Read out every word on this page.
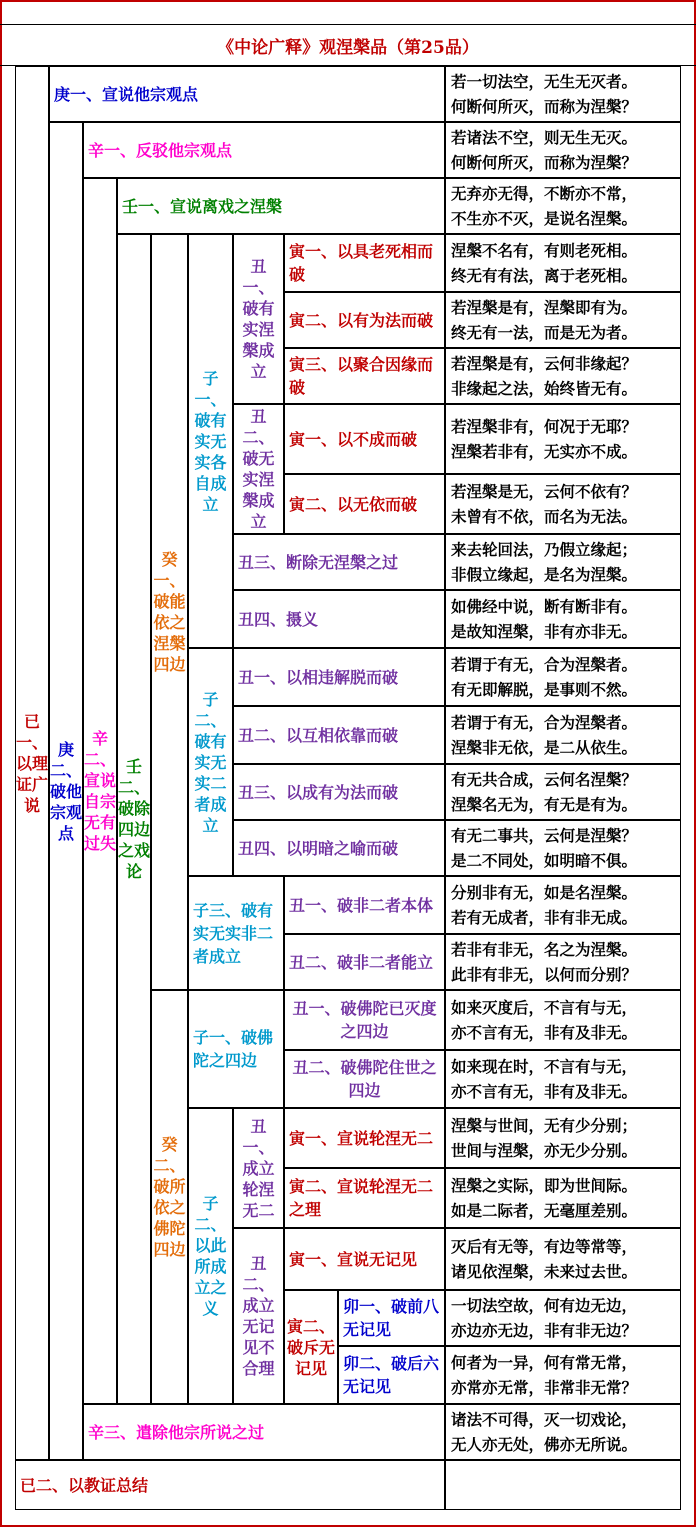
《中论广释》观涅槃品（第25品）
已一、以理证广说
已二、以教证总结
庚一、宣说他宗观点
庚二、破他宗观点
辛一、反驳他宗观点
辛二、宣说自宗无有过失
辛三、遣除他宗所说之过
壬一、宣说离戏之涅槃
壬二、破除四边之戏论
癸一、破能依之涅槃四边
癸二、破所依之佛陀四边
子一、破有实无实各自成立
子二、破有实无实二者成立
子三、破有实无实非二者成立
子一、破佛陀之四边
子二、以此所成立之义
丑一、破有实涅槃成立
丑二、破无实涅槃成立
丑三、断除无涅槃之过
丑四、摄义
丑一、以相违解脱而破
丑二、以互相依靠而破
丑三、以成有为法而破
丑四、以明暗之喻而破
丑一、破非二者本体
丑二、破非二者能立
丑一、破佛陀已灭度之四边
丑二、破佛陀住世之四边
丑一、成立轮涅无二
丑二、成立无记见不合理
寅一、以具老死相而破
寅二、以有为法而破
寅三、以聚合因缘而破
寅一、以不成而破
寅二、以无依而破
寅一、宣说轮涅无二
寅二、宣说轮涅无二之理
寅一、宣说无记见
寅二、破斥无记见
卯一、破前八无记见
卯二、破后六无记见
若一切法空，无生无灭者。
何断何所灭，而称为涅槃？
若诸法不空，则无生无灭。
何断何所灭，而称为涅槃？
无弃亦无得，不断亦不常，
不生亦不灭，是说名涅槃。
涅槃不名有，有则老死相。
终无有有法，离于老死相。
若涅槃是有，涅槃即有为。
终无有一法，而是无为者。
若涅槃是有，云何非缘起？
非缘起之法，始终皆无有。
若涅槃非有，何况于无耶？
涅槃若非有，无实亦不成。
若涅槃是无，云何不依有？
未曾有不依，而名为无法。
来去轮回法，乃假立缘起；
非假立缘起，是名为涅槃。
如佛经中说，断有断非有。
是故知涅槃，非有亦非无。
若谓于有无，合为涅槃者。
有无即解脱，是事则不然。
若谓于有无，合为涅槃者。
涅槃非无依，是二从依生。
有无共合成，云何名涅槃？
涅槃名无为，有无是有为。
有无二事共，云何是涅槃？
是二不同处，如明暗不俱。
分别非有无，如是名涅槃。
若有无成者，非有非无成。
若非有非无，名之为涅槃。
此非有非无，以何而分别？
如来灭度后，不言有与无，
亦不言有无，非有及非无。
如来现在时，不言有与无，
亦不言有无，非有及非无。
涅槃与世间，无有少分别；
世间与涅槃，亦无少分别。
涅槃之实际，即为世间际。
如是二际者，无毫厘差别。
灭后有无等，有边等常等，
诸见依涅槃，未来过去世。
一切法空故，何有边无边，
亦边亦无边，非有非无边？
何者为一异，何有常无常，
亦常亦无常，非常非无常？
诸法不可得，灭一切戏论，
无人亦无处，佛亦无所说。
